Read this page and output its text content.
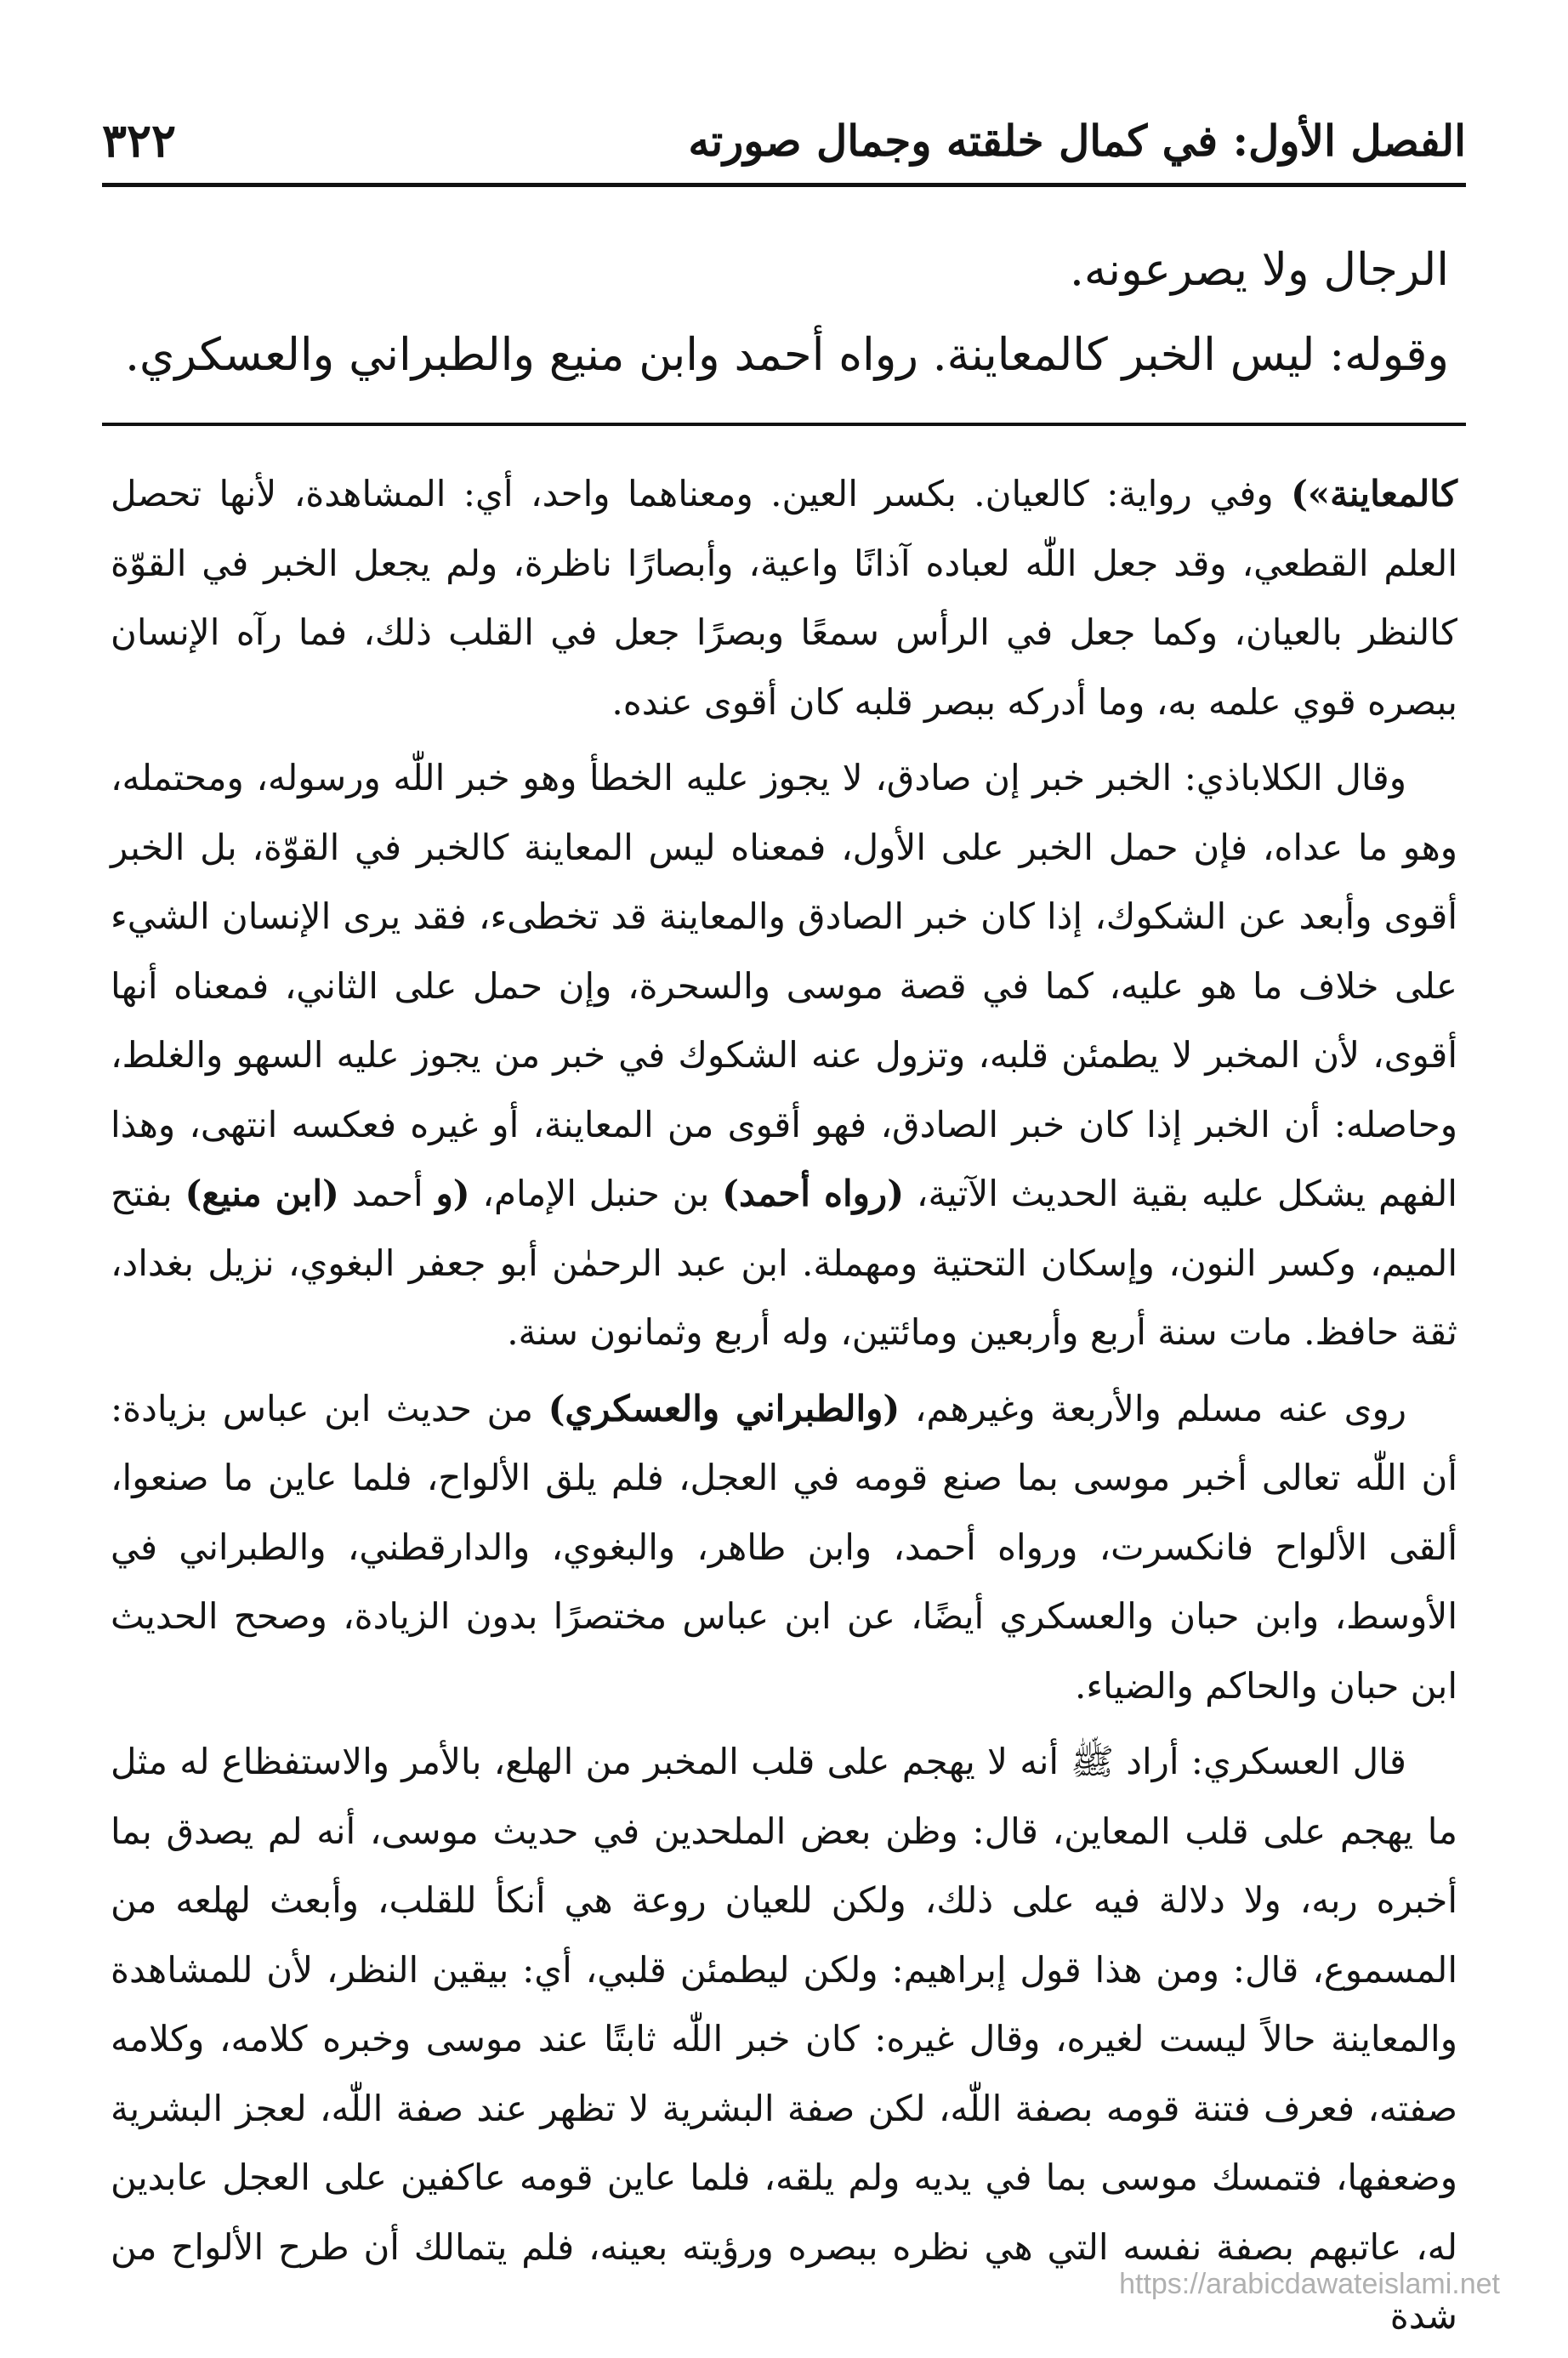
الفصل الأول: في كمال خلقته وجمال صورته
٣٢٢

الرجال ولا يصرعونه.

وقوله: ليس الخبر كالمعاينة. رواه أحمد وابن منيع والطبراني والعسكري.

كالمعاينة») وفي رواية: كالعيان. بكسر العين. ومعناهما واحد، أي: المشاهدة، لأنها تحصل العلم القطعي، وقد جعل اللّٰه لعباده آذانًا واعية، وأبصارًا ناظرة، ولم يجعل الخبر في القوّة كالنظر بالعيان، وكما جعل في الرأس سمعًا وبصرًا جعل في القلب ذلك، فما رآه الإنسان ببصره قوي علمه به، وما أدركه ببصر قلبه كان أقوى عنده.

وقال الكلاباذي: الخبر خبر إن صادق، لا يجوز عليه الخطأ وهو خبر اللّٰه ورسوله، ومحتمله، وهو ما عداه، فإن حمل الخبر على الأول، فمعناه ليس المعاينة كالخبر في القوّة، بل الخبر أقوى وأبعد عن الشكوك، إذا كان خبر الصادق والمعاينة قد تخطىء، فقد يرى الإنسان الشيء على خلاف ما هو عليه، كما في قصة موسى والسحرة، وإن حمل على الثاني، فمعناه أنها أقوى، لأن المخبر لا يطمئن قلبه، وتزول عنه الشكوك في خبر من يجوز عليه السهو والغلط، وحاصله: أن الخبر إذا كان خبر الصادق، فهو أقوى من المعاينة، أو غيره فعكسه انتهى، وهذا الفهم يشكل عليه بقية الحديث الآتية، (رواه أحمد) بن حنبل الإمام، (و أحمد (ابن منيع) بفتح الميم، وكسر النون، وإسكان التحتية ومهملة. ابن عبد الرحمٰن أبو جعفر البغوي، نزيل بغداد، ثقة حافظ. مات سنة أربع وأربعين ومائتين، وله أربع وثمانون سنة.

روى عنه مسلم والأربعة وغيرهم، (والطبراني والعسكري) من حديث ابن عباس بزيادة: أن اللّٰه تعالى أخبر موسى بما صنع قومه في العجل، فلم يلق الألواح، فلما عاين ما صنعوا، ألقى الألواح فانكسرت، ورواه أحمد، وابن طاهر، والبغوي، والدارقطني، والطبراني في الأوسط، وابن حبان والعسكري أيضًا، عن ابن عباس مختصرًا بدون الزيادة، وصحح الحديث ابن حبان والحاكم والضياء.

قال العسكري: أراد ﷺ أنه لا يهجم على قلب المخبر من الهلع، بالأمر والاستفظاع له مثل ما يهجم على قلب المعاين، قال: وظن بعض الملحدين في حديث موسى، أنه لم يصدق بما أخبره ربه، ولا دلالة فيه على ذلك، ولكن للعيان روعة هي أنكأ للقلب، وأبعث لهلعه من المسموع، قال: ومن هذا قول إبراهيم: ولكن ليطمئن قلبي، أي: بيقين النظر، لأن للمشاهدة والمعاينة حالاً ليست لغيره، وقال غيره: كان خبر اللّٰه ثابتًا عند موسى وخبره كلامه، وكلامه صفته، فعرف فتنة قومه بصفة اللّٰه، لكن صفة البشرية لا تظهر عند صفة اللّٰه، لعجز البشرية وضعفها، فتمسك موسى بما في يديه ولم يلقه، فلما عاين قومه عاكفين على العجل عابدين له، عاتبهم بصفة نفسه التي هي نظره ببصره ورؤيته بعينه، فلم يتمالك أن طرح الألواح من شدة

https://arabicdawateislami.net
